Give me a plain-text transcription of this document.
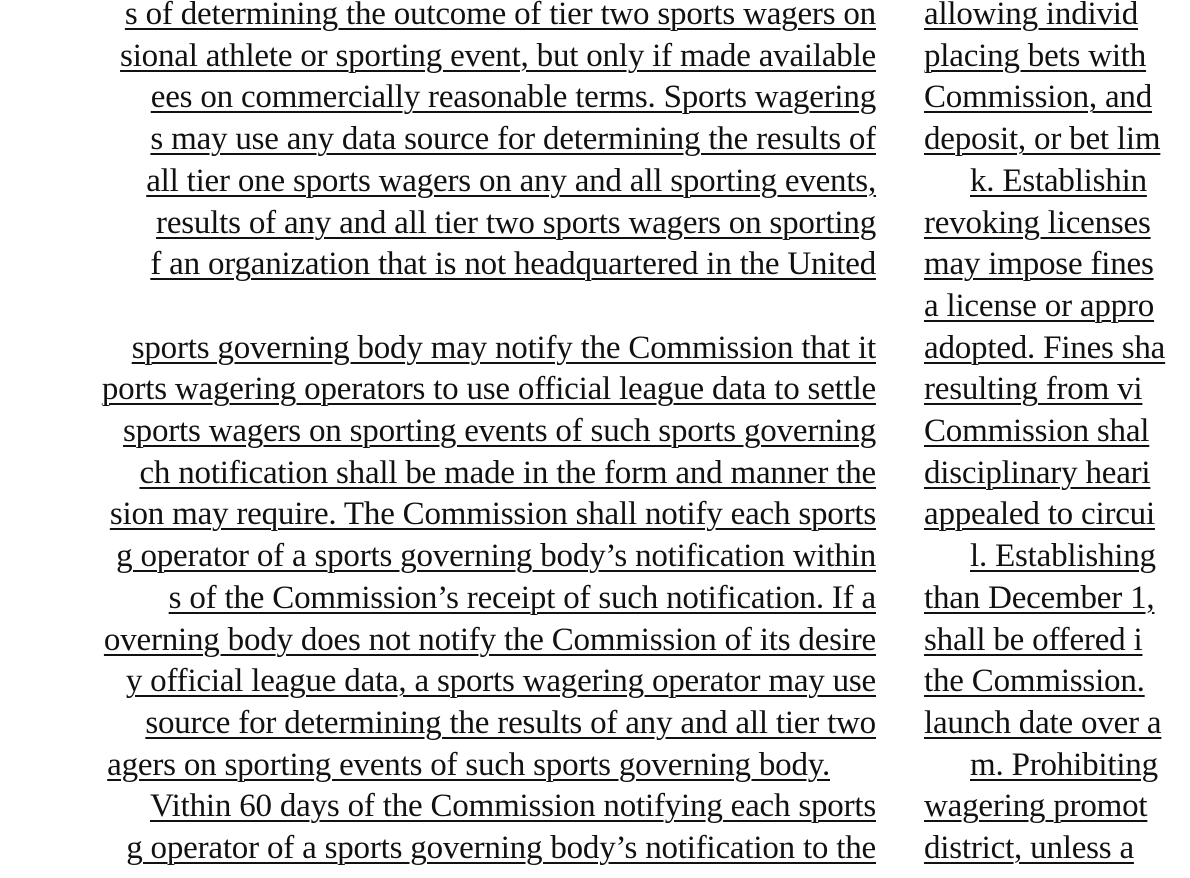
s of determining the outcome of tier two sports wagers on
sional athlete or sporting event, but only if made available
ees on commercially reasonable terms. Sports wagering
s may use any data source for determining the results of
all tier one sports wagers on any and all sporting events,
results of any and all tier two sports wagers on sporting
f an organization that is not headquartered in the United
sports governing body may notify the Commission that it
ports wagering operators to use official league data to settle
sports wagers on sporting events of such sports governing
ch notification shall be made in the form and manner the
sion may require. The Commission shall notify each sports
g operator of a sports governing body’s notification within
s of the Commission’s receipt of such notification. If a
overning body does not notify the Commission of its desire
y official league data, a sports wagering operator may use
source for determining the results of any and all tier two
agers on sporting events of such sports governing body.
Vithin 60 days of the Commission notifying each sports
g operator of a sports governing body’s notification to the
allowing individ
placing bets with
Commission, and
deposit, or bet lim
k. Establishin
revoking licenses
may impose fines
a license or appro
adopted. Fines sha
resulting from vi
Commission shal
disciplinary heari
appealed to circui
l. Establishing
than December 1,
shall be offered i
the Commission.
launch date over a
m. Prohibiting
wagering promot
district, unless a
